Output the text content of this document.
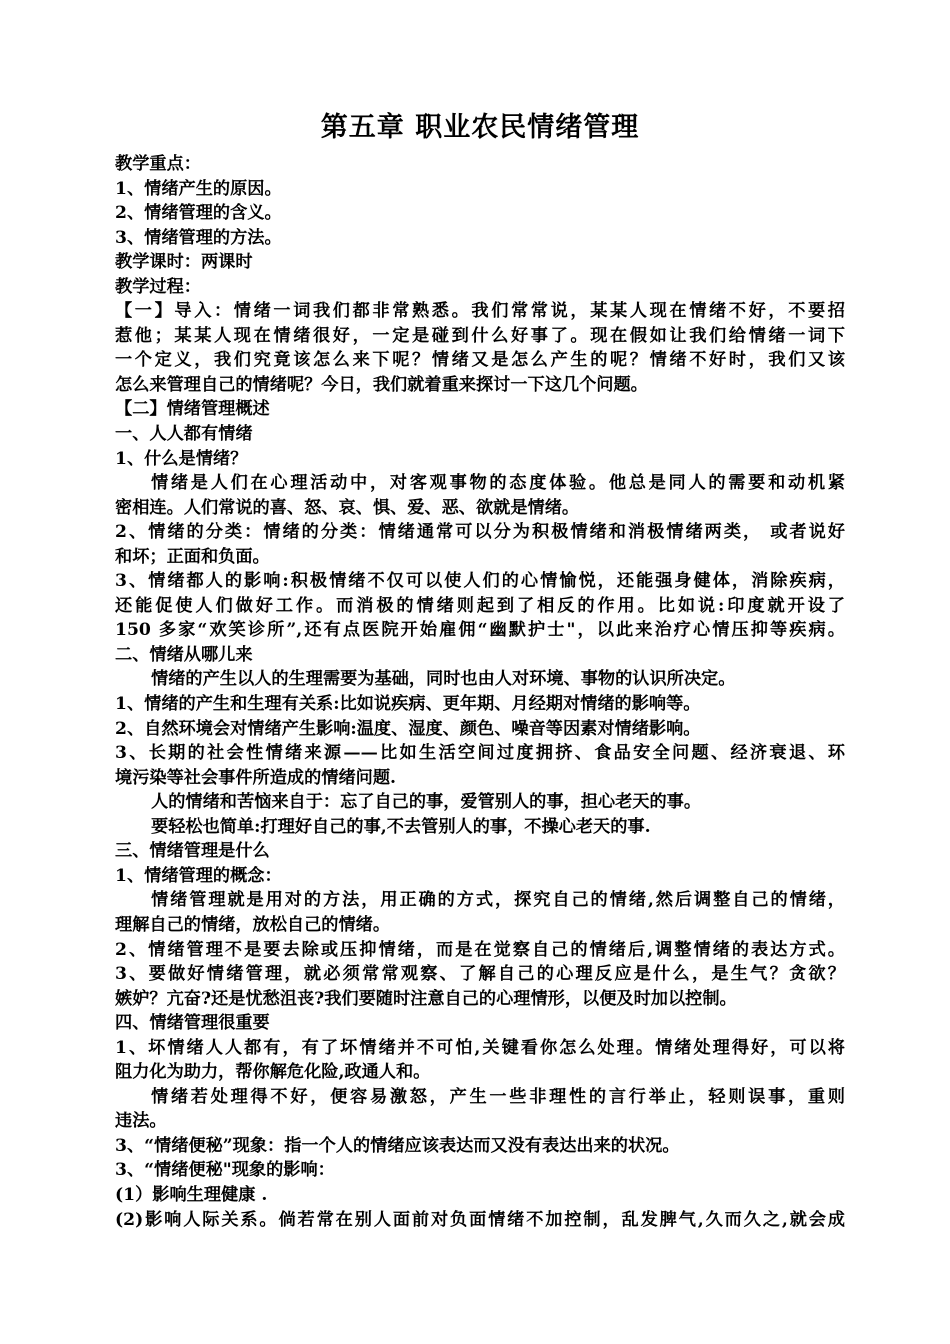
第五章 职业农民情绪管理
教学重点：
1、情绪产生的原因。
2、情绪管理的含义。
3、情绪管理的方法。
教学课时：两课时
教学过程：
【一】导入：情绪一词我们都非常熟悉。我们常常说，某某人现在情绪不好，不要招
惹他；某某人现在情绪很好，一定是碰到什么好事了。现在假如让我们给情绪一词下
一个定义，我们究竟该怎么来下呢？情绪又是怎么产生的呢？情绪不好时，我们又该
怎么来管理自己的情绪呢？今日，我们就着重来探讨一下这几个问题。
【二】情绪管理概述
一、人人都有情绪
1、什么是情绪？
情绪是人们在心理活动中，对客观事物的态度体验。他总是同人的需要和动机紧
密相连。人们常说的喜、怒、哀、惧、爱、恶、欲就是情绪。
2、情绪的分类：情绪的分类：情绪通常可以分为积极情绪和消极情绪两类， 或者说好
和坏；正面和负面。
3、情绪都人的影响:积极情绪不仅可以使人们的心情愉悦，还能强身健体，消除疾病，
还能促使人们做好工作。而消极的情绪则起到了相反的作用。比如说:印度就开设了
150 多家“欢笑诊所”,还有点医院开始雇佣“幽默护士"，以此来治疗心情压抑等疾病。
二、情绪从哪儿来
情绪的产生以人的生理需要为基础，同时也由人对环境、事物的认识所决定。
1、情绪的产生和生理有关系:比如说疾病、更年期、月经期对情绪的影响等。
2、自然环境会对情绪产生影响:温度、湿度、颜色、噪音等因素对情绪影响。
3、长期的社会性情绪来源——比如生活空间过度拥挤、食品安全问题、经济衰退、环
境污染等社会事件所造成的情绪问题.
人的情绪和苦恼来自于：忘了自己的事，爱管别人的事，担心老天的事。
要轻松也简单:打理好自己的事,不去管别人的事，不操心老天的事.
三、情绪管理是什么
1、情绪管理的概念：
情绪管理就是用对的方法，用正确的方式，探究自己的情绪,然后调整自己的情绪，
理解自己的情绪，放松自己的情绪。
2、情绪管理不是要去除或压抑情绪，而是在觉察自己的情绪后,调整情绪的表达方式。
3、要做好情绪管理，就必须常常观察、了解自己的心理反应是什么，是生气？贪欲？
嫉妒？亢奋?还是忧愁沮丧?我们要随时注意自己的心理情形，以便及时加以控制。
四、情绪管理很重要
1、坏情绪人人都有，有了坏情绪并不可怕,关键看你怎么处理。情绪处理得好，可以将
阻力化为助力，帮你解危化险,政通人和。
情绪若处理得不好，便容易激怒，产生一些非理性的言行举止，轻则误事，重则
违法。
3、“情绪便秘”现象：指一个人的情绪应该表达而又没有表达出来的状况。
3、“情绪便秘"现象的影响：
(1）影响生理健康 .
(2)影响人际关系。倘若常在别人面前对负面情绪不加控制，乱发脾气,久而久之,就会成
